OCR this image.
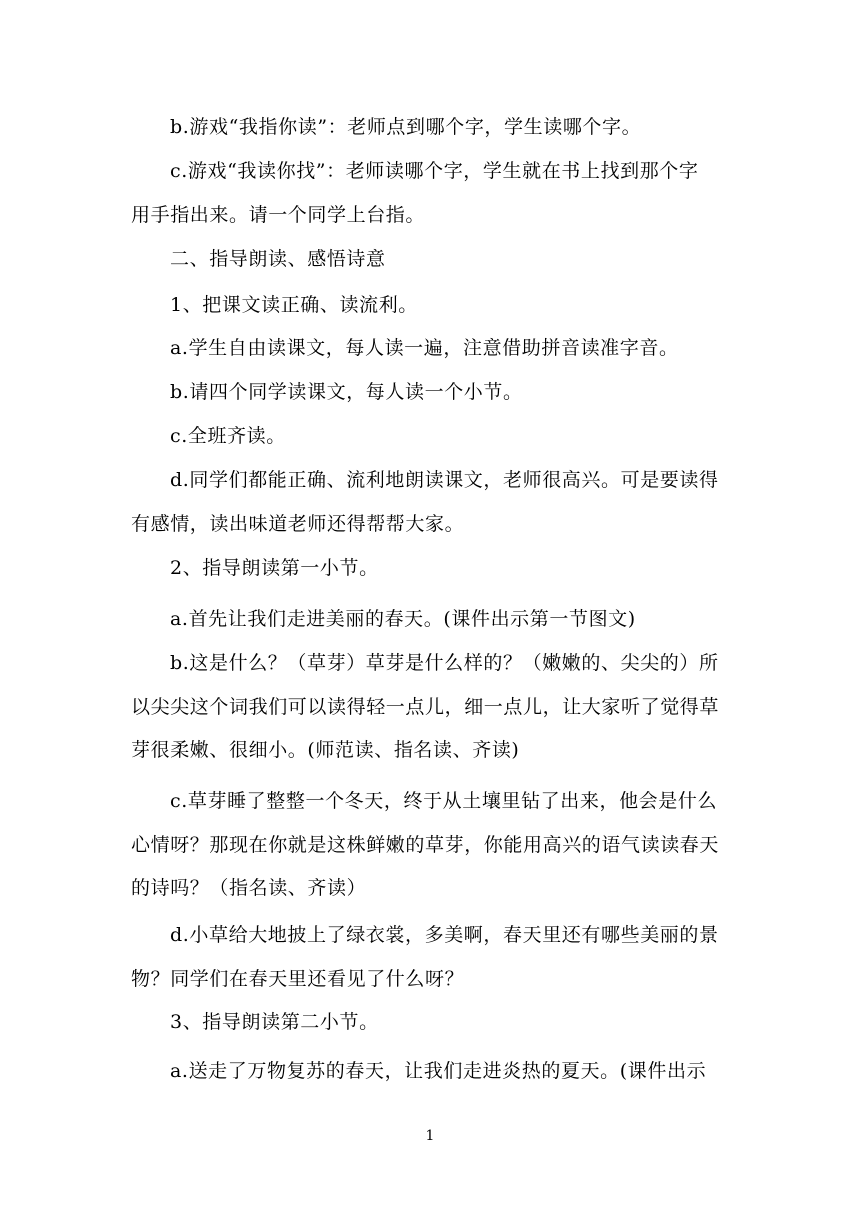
b.游戏“我指你读”：老师点到哪个字，学生读哪个字。
c.游戏“我读你找”：老师读哪个字，学生就在书上找到那个字
用手指出来。请一个同学上台指。
二、指导朗读、感悟诗意
1、把课文读正确、读流利。
a.学生自由读课文，每人读一遍，注意借助拼音读准字音。
b.请四个同学读课文，每人读一个小节。
c.全班齐读。
d.同学们都能正确、流利地朗读课文，老师很高兴。可是要读得
有感情，读出味道老师还得帮帮大家。
2、指导朗读第一小节。
a.首先让我们走进美丽的春天。(课件出示第一节图文)
b.这是什么？（草芽）草芽是什么样的？（嫩嫩的、尖尖的）所
以尖尖这个词我们可以读得轻一点儿，细一点儿，让大家听了觉得草
芽很柔嫩、很细小。(师范读、指名读、齐读)
c.草芽睡了整整一个冬天，终于从土壤里钻了出来，他会是什么
心情呀？那现在你就是这株鲜嫩的草芽，你能用高兴的语气读读春天
的诗吗？（指名读、齐读）
d.小草给大地披上了绿衣裳，多美啊，春天里还有哪些美丽的景
物？同学们在春天里还看见了什么呀？
3、指导朗读第二小节。
a.送走了万物复苏的春天，让我们走进炎热的夏天。(课件出示
1
